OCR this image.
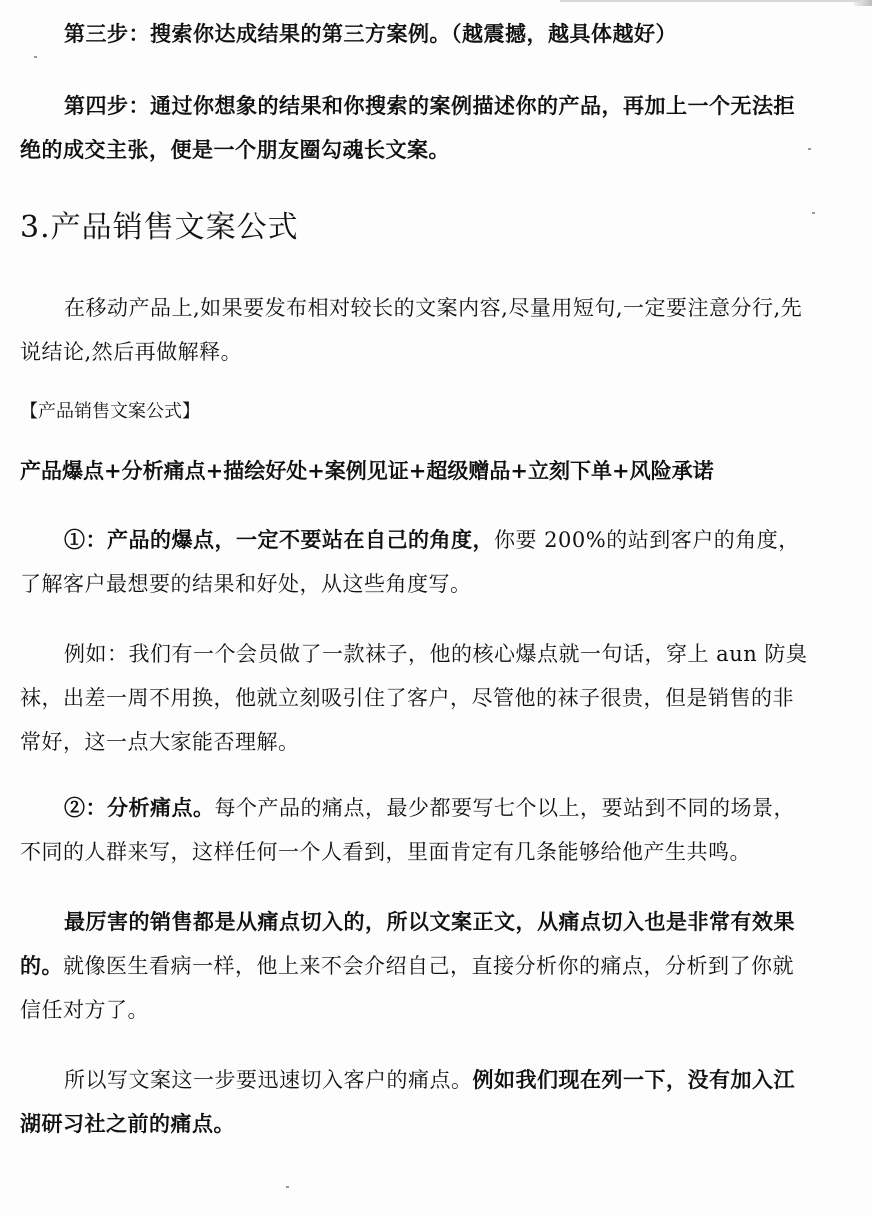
第三步：搜索你达成结果的第三方案例。（越震撼，越具体越好）

第四步：通过你想象的结果和你搜索的案例描述你的产品，再加上一个无法拒绝的成交主张，便是一个朋友圈勾魂长文案。

3.产品销售文案公式

在移动产品上,如果要发布相对较长的文案内容,尽量用短句,一定要注意分行,先说结论,然后再做解释。

【产品销售文案公式】

产品爆点+分析痛点+描绘好处+案例见证+超级赠品+立刻下单+风险承诺

①：产品的爆点，一定不要站在自己的角度，你要 200%的站到客户的角度，了解客户最想要的结果和好处，从这些角度写。

例如：我们有一个会员做了一款袜子，他的核心爆点就一句话，穿上 aun 防臭袜，出差一周不用换，他就立刻吸引住了客户，尽管他的袜子很贵，但是销售的非常好，这一点大家能否理解。

②：分析痛点。每个产品的痛点，最少都要写七个以上，要站到不同的场景，不同的人群来写，这样任何一个人看到，里面肯定有几条能够给他产生共鸣。

最厉害的销售都是从痛点切入的，所以文案正文，从痛点切入也是非常有效果的。就像医生看病一样，他上来不会介绍自己，直接分析你的痛点，分析到了你就信任对方了。

所以写文案这一步要迅速切入客户的痛点。例如我们现在列一下，没有加入江湖研习社之前的痛点。
